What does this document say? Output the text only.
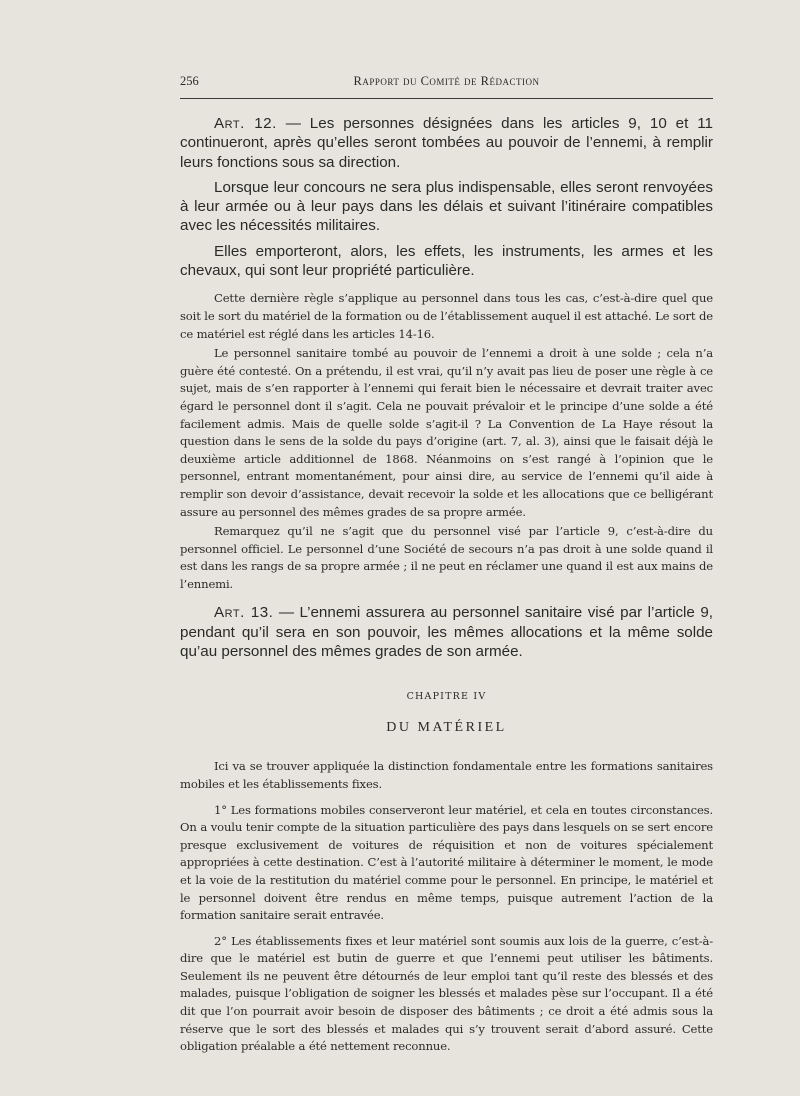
256	Rapport du Comité de Rédaction

Art. 12. — Les personnes désignées dans les articles 9, 10 et 11 continueront, après qu’elles seront tombées au pouvoir de l’ennemi, à remplir leurs fonctions sous sa direction.

Lorsque leur concours ne sera plus indispensable, elles seront renvoyées à leur armée ou à leur pays dans les délais et suivant l’itinéraire compatibles avec les nécessités militaires.

Elles emporteront, alors, les effets, les instruments, les armes et les chevaux, qui sont leur propriété particulière.

Cette dernière règle s’applique au personnel dans tous les cas, c’est-à-dire quel que soit le sort du matériel de la formation ou de l’établissement auquel il est attaché. Le sort de ce matériel est réglé dans les articles 14-16.

Le personnel sanitaire tombé au pouvoir de l’ennemi a droit à une solde ; cela n’a guère été contesté. On a prétendu, il est vrai, qu’il n’y avait pas lieu de poser une règle à ce sujet, mais de s’en rapporter à l’ennemi qui ferait bien le nécessaire et devrait traiter avec égard le personnel dont il s’agit. Cela ne pouvait prévaloir et le principe d’une solde a été facilement admis. Mais de quelle solde s’agit-il ? La Convention de La Haye résout la question dans le sens de la solde du pays d’origine (art. 7, al. 3), ainsi que le faisait déjà le deuxième article additionnel de 1868. Néanmoins on s’est rangé à l’opinion que le personnel, entrant momentanément, pour ainsi dire, au service de l’ennemi qu’il aide à remplir son devoir d’assistance, devait recevoir la solde et les allocations que ce belligérant assure au personnel des mêmes grades de sa propre armée.

Remarquez qu’il ne s’agit que du personnel visé par l’article 9, c’est-à-dire du personnel officiel. Le personnel d’une Société de secours n’a pas droit à une solde quand il est dans les rangs de sa propre armée ; il ne peut en réclamer une quand il est aux mains de l’ennemi.

Art. 13. — L’ennemi assurera au personnel sanitaire visé par l’article 9, pendant qu’il sera en son pouvoir, les mêmes allocations et la même solde qu’au personnel des mêmes grades de son armée.

CHAPITRE IV

DU MATÉRIEL

Ici va se trouver appliquée la distinction fondamentale entre les formations sanitaires mobiles et les établissements fixes.

1° Les formations mobiles conserveront leur matériel, et cela en toutes circonstances. On a voulu tenir compte de la situation particulière des pays dans lesquels on se sert encore presque exclusivement de voitures de réquisition et non de voitures spécialement appropriées à cette destination. C’est à l’autorité militaire à déterminer le moment, le mode et la voie de la restitution du matériel comme pour le personnel. En principe, le matériel et le personnel doivent être rendus en même temps, puisque autrement l’action de la formation sanitaire serait entravée.

2° Les établissements fixes et leur matériel sont soumis aux lois de la guerre, c’est-à-dire que le matériel est butin de guerre et que l’ennemi peut utiliser les bâtiments. Seulement ils ne peuvent être détournés de leur emploi tant qu’il reste des blessés et des malades, puisque l’obligation de soigner les blessés et malades pèse sur l’occupant. Il a été dit que l’on pourrait avoir besoin de disposer des bâtiments ; ce droit a été admis sous la réserve que le sort des blessés et malades qui s’y trouvent serait d’abord assuré. Cette obligation préalable a été nettement reconnue.
